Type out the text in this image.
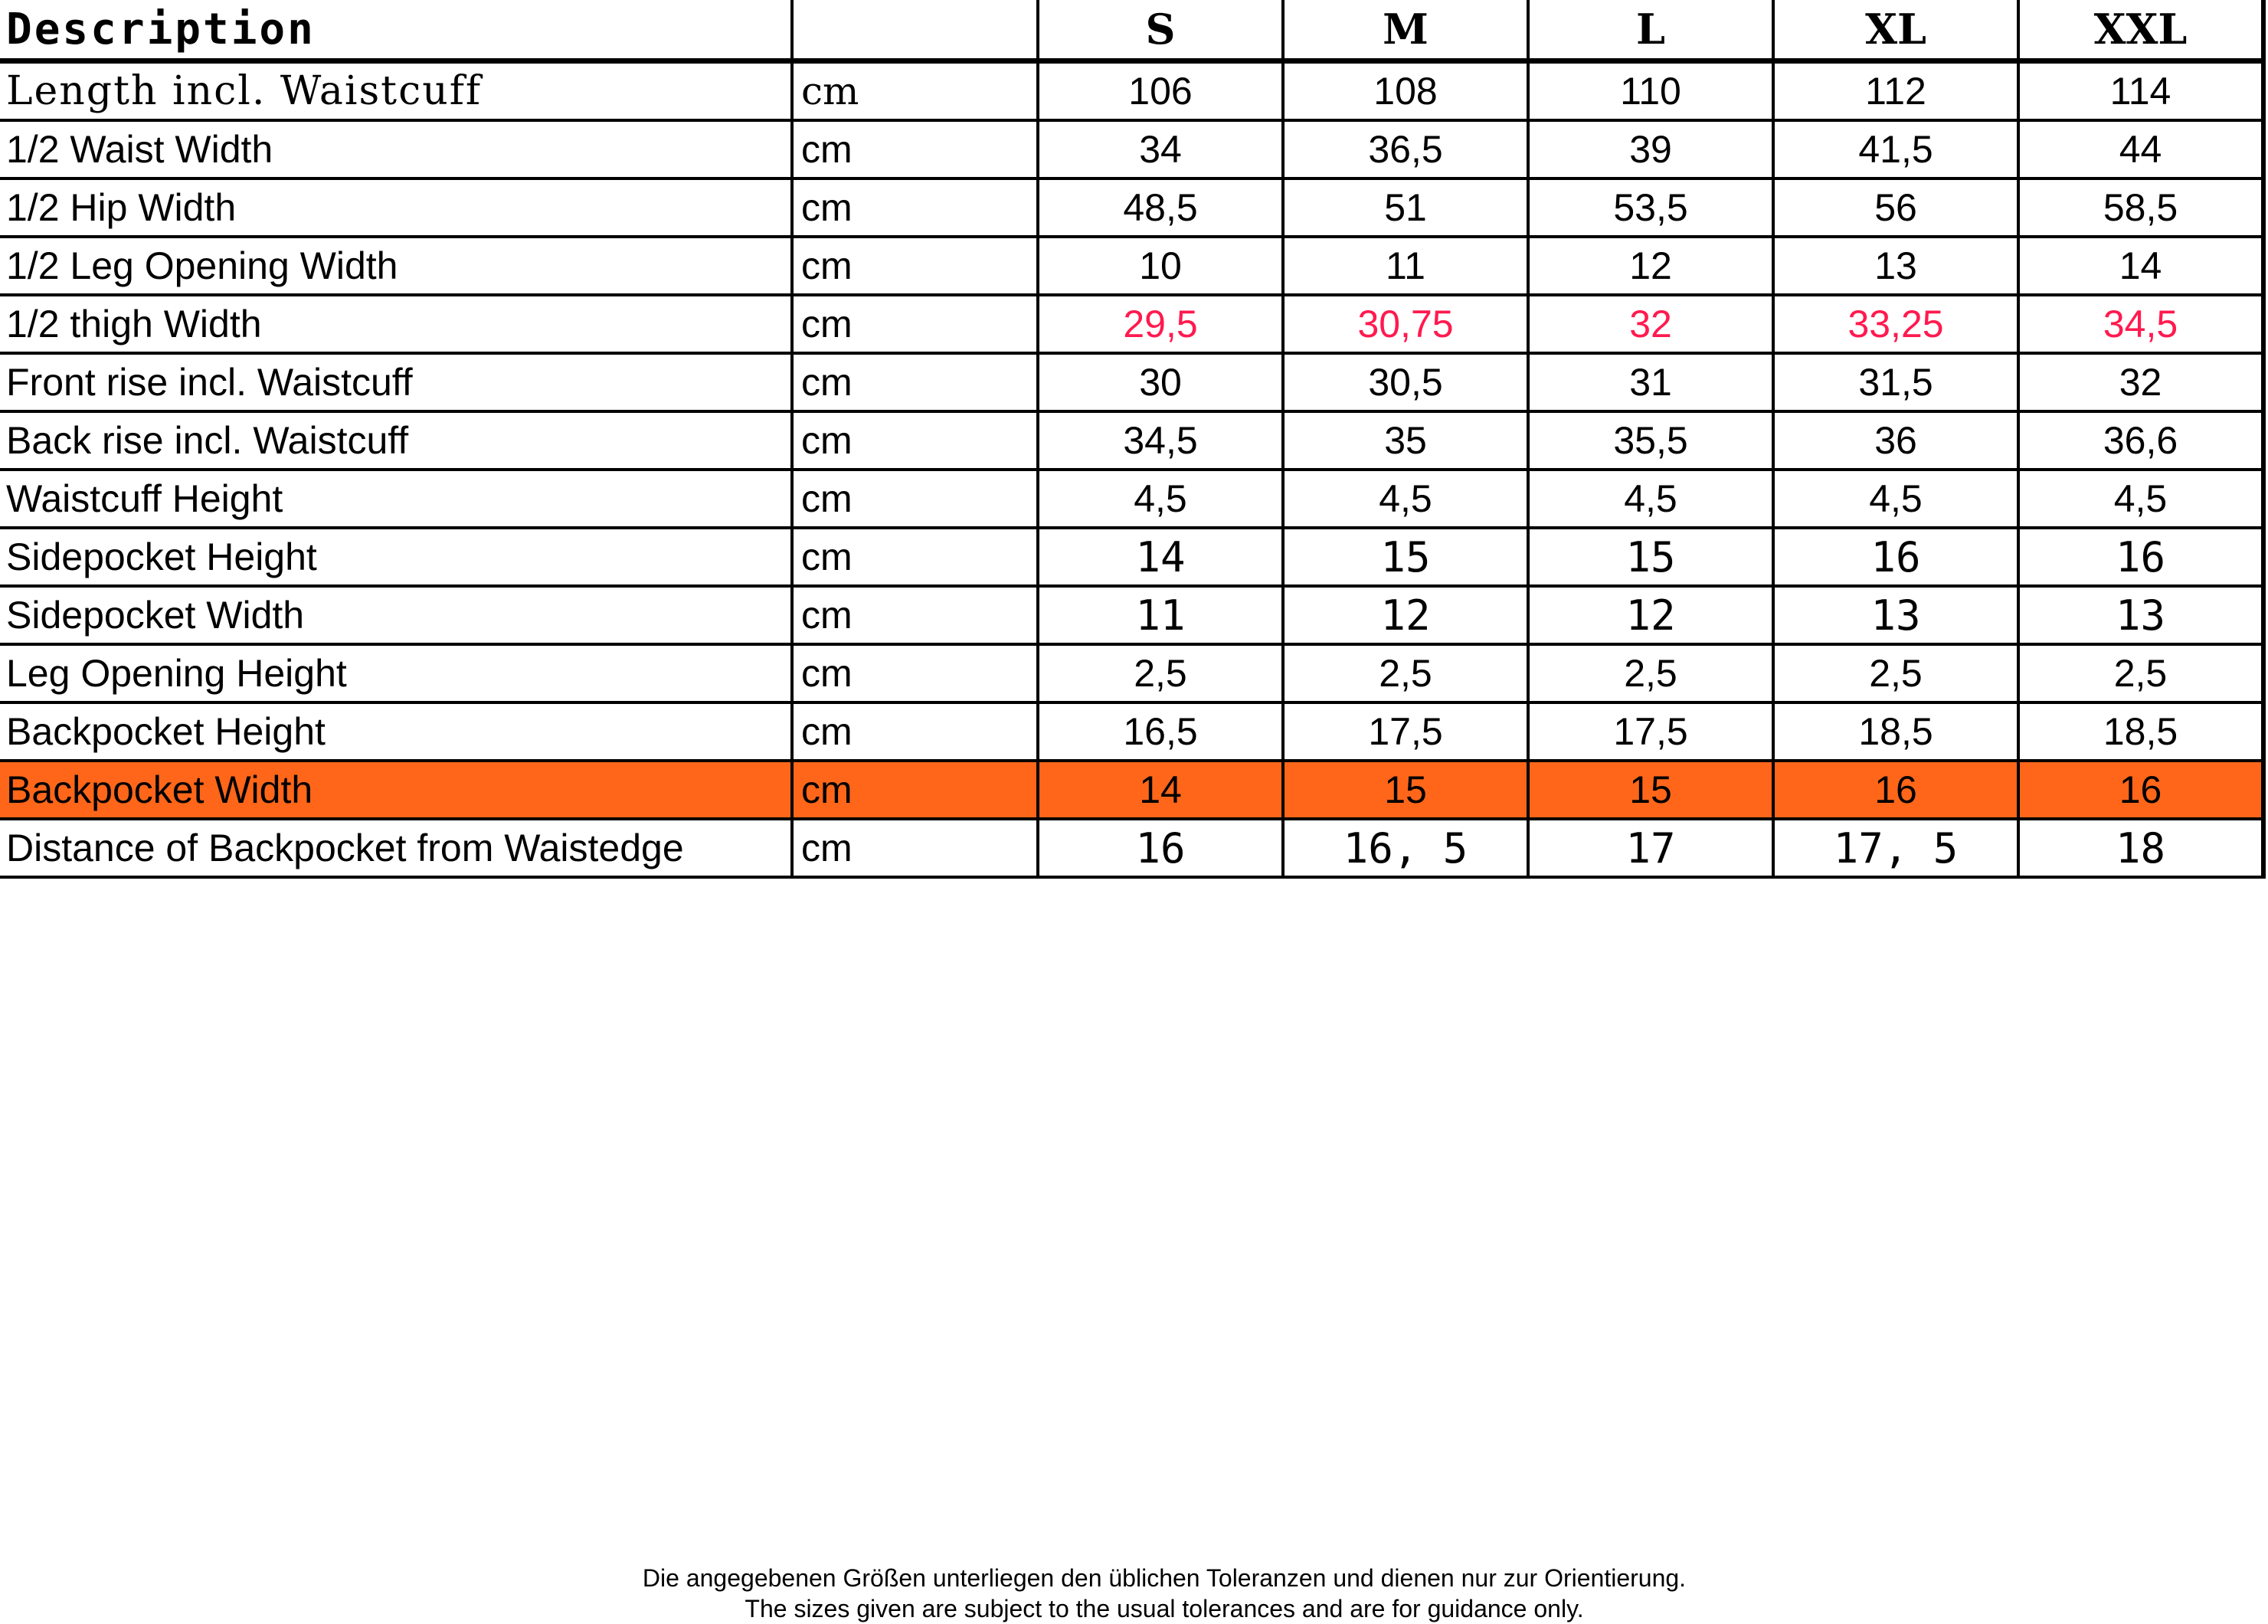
Description		S	M	L	XL	XXL
Length incl. Waistcuff	cm	106	108	110	112	114
1/2 Waist Width	cm	34	36,5	39	41,5	44
1/2 Hip Width	cm	48,5	51	53,5	56	58,5
1/2 Leg Opening Width	cm	10	11	12	13	14
1/2 thigh Width	cm	29,5	30,75	32	33,25	34,5
Front rise incl. Waistcuff	cm	30	30,5	31	31,5	32
Back rise incl. Waistcuff	cm	34,5	35	35,5	36	36,6
Waistcuff Height	cm	4,5	4,5	4,5	4,5	4,5
Sidepocket Height	cm	14	15	15	16	16
Sidepocket Width	cm	11	12	12	13	13
Leg Opening Height	cm	2,5	2,5	2,5	2,5	2,5
Backpocket Height	cm	16,5	17,5	17,5	18,5	18,5
Backpocket Width	cm	14	15	15	16	16
Distance of Backpocket from Waistedge	cm	16	16, 5	17	17, 5	18
Die angegebenen Größen unterliegen den üblichen Toleranzen und dienen nur zur Orientierung.
The sizes given are subject to the usual tolerances and are for guidance only.
